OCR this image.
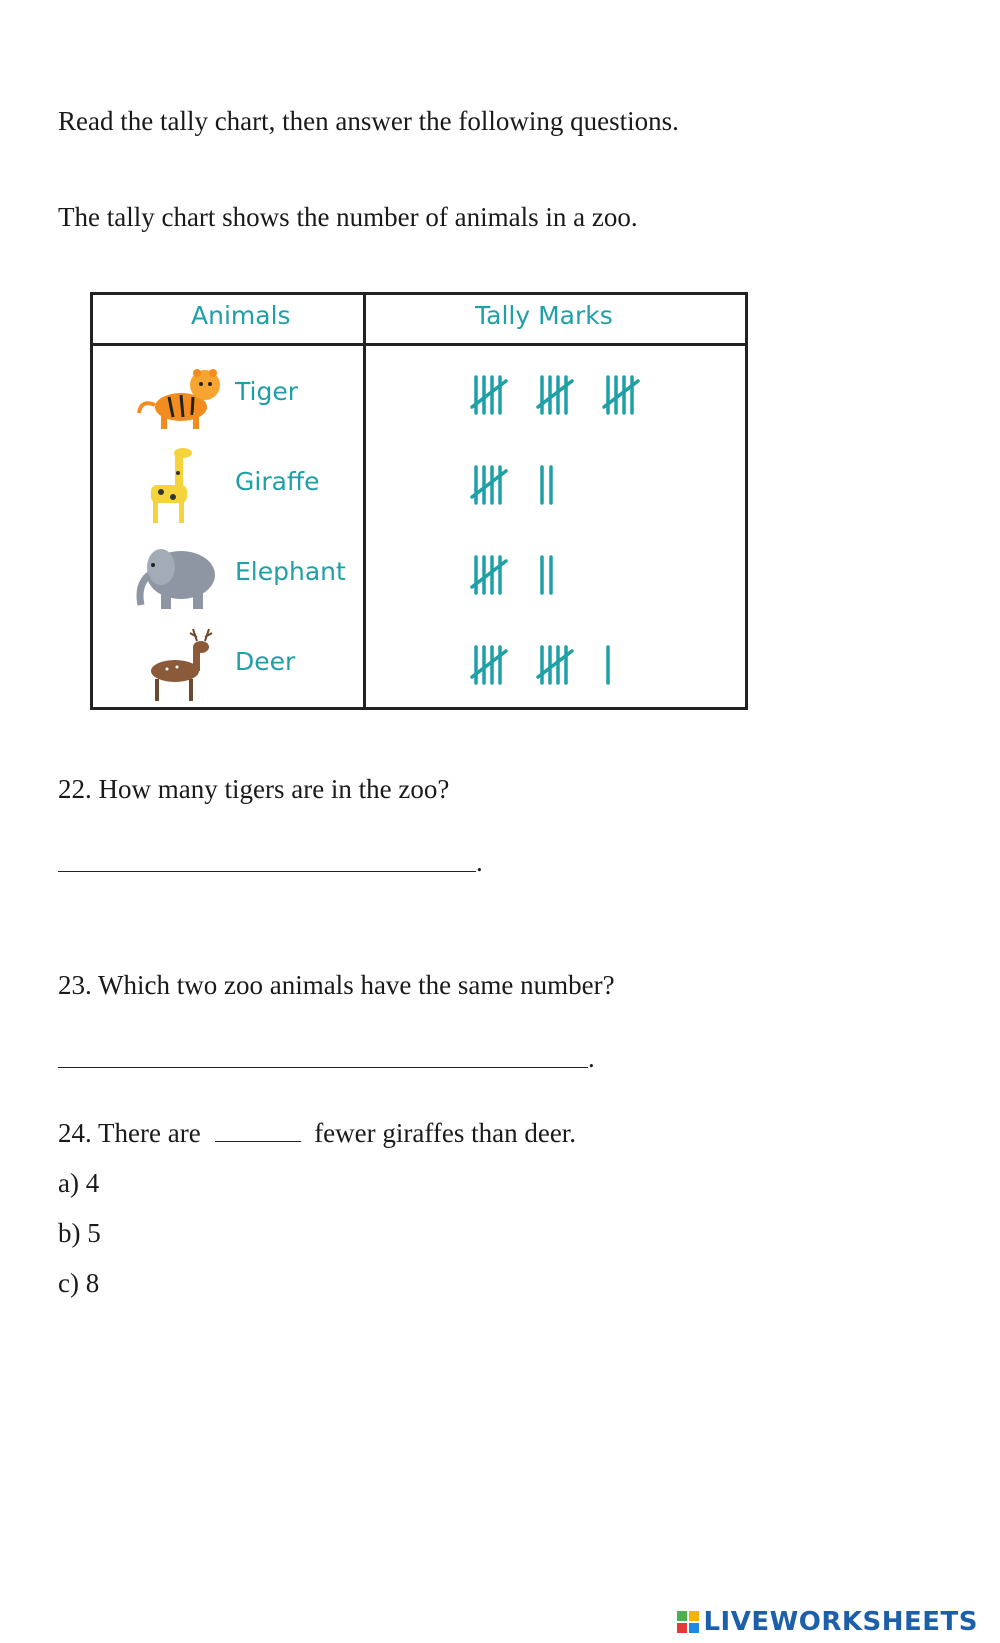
Read the tally chart, then answer the following questions.
The tally chart shows the number of animals in a zoo.
Animals	Tally Marks
Tiger
Giraffe
Elephant
Deer
22. How many tigers are in the zoo?
.
23. Which two zoo animals have the same number?
.
24. There are	fewer giraffes than deer.
a) 4
b) 5
c) 8
LIVEWORKSHEETS
